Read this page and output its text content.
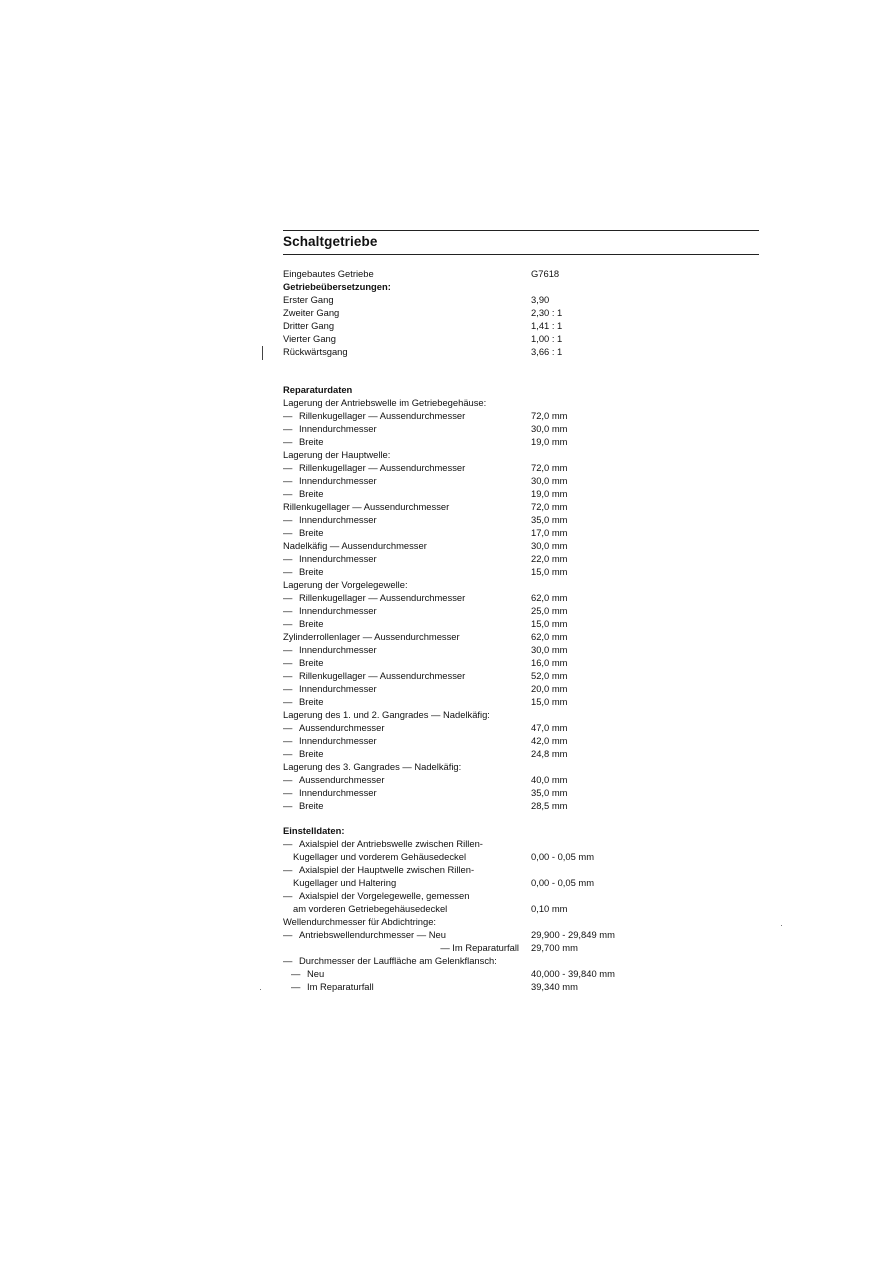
Schaltgetriebe
Eingebautes Getriebe	G7618
Getriebeübersetzungen:
Erster Gang	3,90
Zweiter Gang	2,30 : 1
Dritter Gang	1,41 : 1
Vierter Gang	1,00 : 1
Rückwärtsgang	3,66 : 1
Reparaturdaten
Lagerung der Antriebswelle im Getriebegehäuse:
— Rillenkugellager — Aussendurchmesser	72,0 mm
— Innendurchmesser	30,0 mm
— Breite	19,0 mm
Lagerung der Hauptwelle:
— Rillenkugellager — Aussendurchmesser	72,0 mm
— Innendurchmesser	30,0 mm
— Breite	19,0 mm
Rillenkugellager — Aussendurchmesser	72,0 mm
— Innendurchmesser	35,0 mm
— Breite	17,0 mm
Nadelkäfig — Aussendurchmesser	30,0 mm
— Innendurchmesser	22,0 mm
— Breite	15,0 mm
Lagerung der Vorgelegewelle:
— Rillenkugellager — Aussendurchmesser	62,0 mm
— Innendurchmesser	25,0 mm
— Breite	15,0 mm
Zylinderrollenlager — Aussendurchmesser	62,0 mm
— Innendurchmesser	30,0 mm
— Breite	16,0 mm
— Rillenkugellager — Aussendurchmesser	52,0 mm
— Innendurchmesser	20,0 mm
— Breite	15,0 mm
Lagerung des 1. und 2. Gangrades — Nadelkäfig:
— Aussendurchmesser	47,0 mm
— Innendurchmesser	42,0 mm
— Breite	24,8 mm
Lagerung des 3. Gangrades — Nadelkäfig:
— Aussendurchmesser	40,0 mm
— Innendurchmesser	35,0 mm
— Breite	28,5 mm
Einstelldaten:
— Axialspiel der Antriebswelle zwischen Rillen-
Kugellager und vorderem Gehäusedeckel	0,00 - 0,05 mm
— Axialspiel der Hauptwelle zwischen Rillen-
Kugellager und Haltering	0,00 - 0,05 mm
— Axialspiel der Vorgelegewelle, gemessen
am vorderen Getriebegehäusedeckel	0,10 mm
Wellendurchmesser für Abdichtringe:
— Antriebswellendurchmesser — Neu	29,900 - 29,849 mm
— Im Reparaturfall 29,700 mm
— Durchmesser der Lauffläche am Gelenkflansch:
— Neu	40,000 - 39,840 mm
— Im Reparaturfall	39,340 mm
